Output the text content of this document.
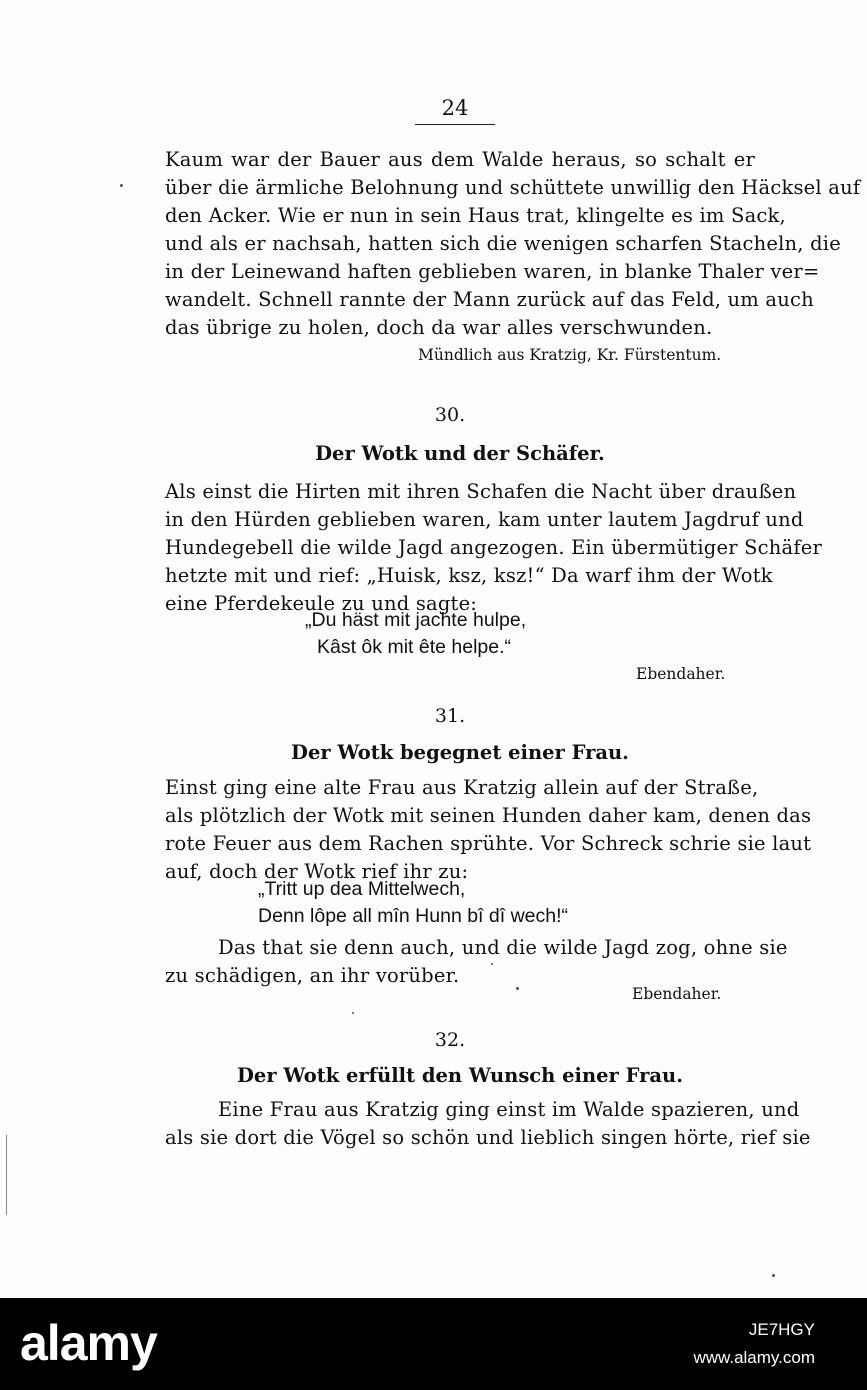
24
Kaum war der Bauer aus dem Walde heraus, so schalt er
über die ärmliche Belohnung und schüttete unwillig den Häcksel auf
den Acker. Wie er nun in sein Haus trat, klingelte es im Sack,
und als er nachsah, hatten sich die wenigen scharfen Stacheln, die
in der Leinewand haften geblieben waren, in blanke Thaler ver=
wandelt. Schnell rannte der Mann zurück auf das Feld, um auch
das übrige zu holen, doch da war alles verschwunden.
Mündlich aus Kratzig, Kr. Fürstentum.
30.
Der Wotk und der Schäfer.
Als einst die Hirten mit ihren Schafen die Nacht über draußen
in den Hürden geblieben waren, kam unter lautem Jagdruf und
Hundegebell die wilde Jagd angezogen. Ein übermütiger Schäfer
hetzte mit und rief: „Huisk, ksz, ksz!“ Da warf ihm der Wotk
eine Pferdekeule zu und sagte:
„Du häst mit jachte hulpe,
Kâst ôk mit ête helpe.“
Ebendaher.
31.
Der Wotk begegnet einer Frau.
Einst ging eine alte Frau aus Kratzig allein auf der Straße,
als plötzlich der Wotk mit seinen Hunden daher kam, denen das
rote Feuer aus dem Rachen sprühte. Vor Schreck schrie sie laut
auf, doch der Wotk rief ihr zu:
„Tritt up dea Mittelwech,
Denn lôpe all mîn Hunn bî dî wech!“
Das that sie denn auch, und die wilde Jagd zog, ohne sie
zu schädigen, an ihr vorüber.
Ebendaher.
32.
Der Wotk erfüllt den Wunsch einer Frau.
Eine Frau aus Kratzig ging einst im Walde spazieren, und
als sie dort die Vögel so schön und lieblich singen hörte, rief sie
alamy	JE7HGY
www.alamy.com
